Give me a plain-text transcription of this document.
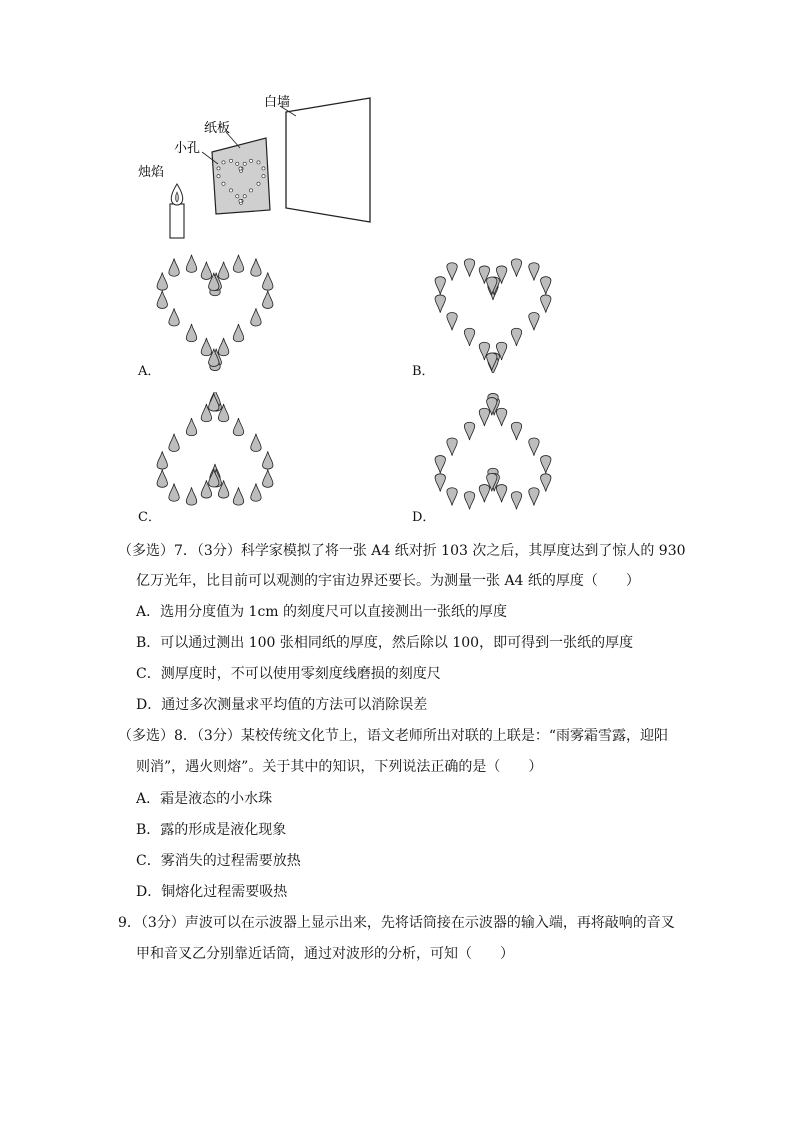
白墙
纸板
小孔
烛焰
A．	B．
C．	D．
（多选）7．（3分）科学家模拟了将一张 A4 纸对折 103 次之后，其厚度达到了惊人的 930
亿万光年，比目前可以观测的宇宙边界还要长。为测量一张 A4 纸的厚度（　　）
A．选用分度值为 1cm 的刻度尺可以直接测出一张纸的厚度
B．可以通过测出 100 张相同纸的厚度，然后除以 100，即可得到一张纸的厚度
C．测厚度时，不可以使用零刻度线磨损的刻度尺
D．通过多次测量求平均值的方法可以消除误差
（多选）8．（3分）某校传统文化节上，语文老师所出对联的上联是：“雨雾霜雪露，迎阳
则消”，遇火则熔”。关于其中的知识，下列说法正确的是（　　）
A．霜是液态的小水珠
B．露的形成是液化现象
C．雾消失的过程需要放热
D．铜熔化过程需要吸热
9．（3分）声波可以在示波器上显示出来，先将话筒接在示波器的输入端，再将敲响的音叉
甲和音叉乙分别靠近话筒，通过对波形的分析，可知（　　）
